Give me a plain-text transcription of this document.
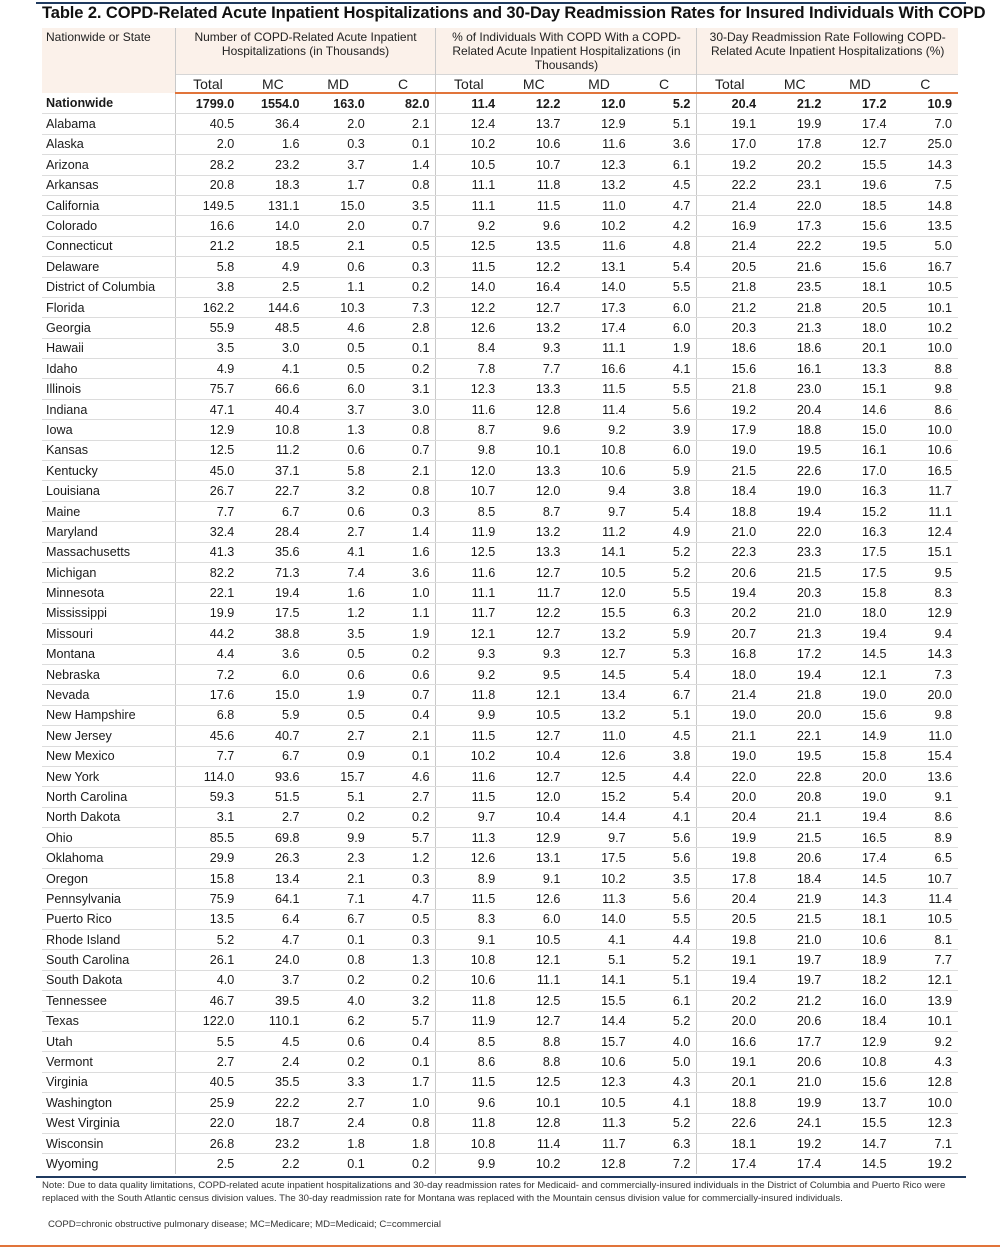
Table 2. COPD-Related Acute Inpatient Hospitalizations and 30-Day Readmission Rates for Insured Individuals With COPD
Nationwide or State	Number of COPD-Related Acute Inpatient Hospitalizations (in Thousands)				% of Individuals With COPD With a COPD-Related Acute Inpatient Hospitalizations (in Thousands)				30-Day Readmission Rate Following COPD-Related Acute Inpatient Hospitalizations (%)			
	Total	MC	MD	C	Total	MC	MD	C	Total	MC	MD	C
Nationwide	1799.0	1554.0	163.0	82.0	11.4	12.2	12.0	5.2	20.4	21.2	17.2	10.9
Alabama	40.5	36.4	2.0	2.1	12.4	13.7	12.9	5.1	19.1	19.9	17.4	7.0
Alaska	2.0	1.6	0.3	0.1	10.2	10.6	11.6	3.6	17.0	17.8	12.7	25.0
Arizona	28.2	23.2	3.7	1.4	10.5	10.7	12.3	6.1	19.2	20.2	15.5	14.3
Arkansas	20.8	18.3	1.7	0.8	11.1	11.8	13.2	4.5	22.2	23.1	19.6	7.5
California	149.5	131.1	15.0	3.5	11.1	11.5	11.0	4.7	21.4	22.0	18.5	14.8
Colorado	16.6	14.0	2.0	0.7	9.2	9.6	10.2	4.2	16.9	17.3	15.6	13.5
Connecticut	21.2	18.5	2.1	0.5	12.5	13.5	11.6	4.8	21.4	22.2	19.5	5.0
Delaware	5.8	4.9	0.6	0.3	11.5	12.2	13.1	5.4	20.5	21.6	15.6	16.7
District of Columbia	3.8	2.5	1.1	0.2	14.0	16.4	14.0	5.5	21.8	23.5	18.1	10.5
Florida	162.2	144.6	10.3	7.3	12.2	12.7	17.3	6.0	21.2	21.8	20.5	10.1
Georgia	55.9	48.5	4.6	2.8	12.6	13.2	17.4	6.0	20.3	21.3	18.0	10.2
Hawaii	3.5	3.0	0.5	0.1	8.4	9.3	11.1	1.9	18.6	18.6	20.1	10.0
Idaho	4.9	4.1	0.5	0.2	7.8	7.7	16.6	4.1	15.6	16.1	13.3	8.8
Illinois	75.7	66.6	6.0	3.1	12.3	13.3	11.5	5.5	21.8	23.0	15.1	9.8
Indiana	47.1	40.4	3.7	3.0	11.6	12.8	11.4	5.6	19.2	20.4	14.6	8.6
Iowa	12.9	10.8	1.3	0.8	8.7	9.6	9.2	3.9	17.9	18.8	15.0	10.0
Kansas	12.5	11.2	0.6	0.7	9.8	10.1	10.8	6.0	19.0	19.5	16.1	10.6
Kentucky	45.0	37.1	5.8	2.1	12.0	13.3	10.6	5.9	21.5	22.6	17.0	16.5
Louisiana	26.7	22.7	3.2	0.8	10.7	12.0	9.4	3.8	18.4	19.0	16.3	11.7
Maine	7.7	6.7	0.6	0.3	8.5	8.7	9.7	5.4	18.8	19.4	15.2	11.1
Maryland	32.4	28.4	2.7	1.4	11.9	13.2	11.2	4.9	21.0	22.0	16.3	12.4
Massachusetts	41.3	35.6	4.1	1.6	12.5	13.3	14.1	5.2	22.3	23.3	17.5	15.1
Michigan	82.2	71.3	7.4	3.6	11.6	12.7	10.5	5.2	20.6	21.5	17.5	9.5
Minnesota	22.1	19.4	1.6	1.0	11.1	11.7	12.0	5.5	19.4	20.3	15.8	8.3
Mississippi	19.9	17.5	1.2	1.1	11.7	12.2	15.5	6.3	20.2	21.0	18.0	12.9
Missouri	44.2	38.8	3.5	1.9	12.1	12.7	13.2	5.9	20.7	21.3	19.4	9.4
Montana	4.4	3.6	0.5	0.2	9.3	9.3	12.7	5.3	16.8	17.2	14.5	14.3
Nebraska	7.2	6.0	0.6	0.6	9.2	9.5	14.5	5.4	18.0	19.4	12.1	7.3
Nevada	17.6	15.0	1.9	0.7	11.8	12.1	13.4	6.7	21.4	21.8	19.0	20.0
New Hampshire	6.8	5.9	0.5	0.4	9.9	10.5	13.2	5.1	19.0	20.0	15.6	9.8
New Jersey	45.6	40.7	2.7	2.1	11.5	12.7	11.0	4.5	21.1	22.1	14.9	11.0
New Mexico	7.7	6.7	0.9	0.1	10.2	10.4	12.6	3.8	19.0	19.5	15.8	15.4
New York	114.0	93.6	15.7	4.6	11.6	12.7	12.5	4.4	22.0	22.8	20.0	13.6
North Carolina	59.3	51.5	5.1	2.7	11.5	12.0	15.2	5.4	20.0	20.8	19.0	9.1
North Dakota	3.1	2.7	0.2	0.2	9.7	10.4	14.4	4.1	20.4	21.1	19.4	8.6
Ohio	85.5	69.8	9.9	5.7	11.3	12.9	9.7	5.6	19.9	21.5	16.5	8.9
Oklahoma	29.9	26.3	2.3	1.2	12.6	13.1	17.5	5.6	19.8	20.6	17.4	6.5
Oregon	15.8	13.4	2.1	0.3	8.9	9.1	10.2	3.5	17.8	18.4	14.5	10.7
Pennsylvania	75.9	64.1	7.1	4.7	11.5	12.6	11.3	5.6	20.4	21.9	14.3	11.4
Puerto Rico	13.5	6.4	6.7	0.5	8.3	6.0	14.0	5.5	20.5	21.5	18.1	10.5
Rhode Island	5.2	4.7	0.1	0.3	9.1	10.5	4.1	4.4	19.8	21.0	10.6	8.1
South Carolina	26.1	24.0	0.8	1.3	10.8	12.1	5.1	5.2	19.1	19.7	18.9	7.7
South Dakota	4.0	3.7	0.2	0.2	10.6	11.1	14.1	5.1	19.4	19.7	18.2	12.1
Tennessee	46.7	39.5	4.0	3.2	11.8	12.5	15.5	6.1	20.2	21.2	16.0	13.9
Texas	122.0	110.1	6.2	5.7	11.9	12.7	14.4	5.2	20.0	20.6	18.4	10.1
Utah	5.5	4.5	0.6	0.4	8.5	8.8	15.7	4.0	16.6	17.7	12.9	9.2
Vermont	2.7	2.4	0.2	0.1	8.6	8.8	10.6	5.0	19.1	20.6	10.8	4.3
Virginia	40.5	35.5	3.3	1.7	11.5	12.5	12.3	4.3	20.1	21.0	15.6	12.8
Washington	25.9	22.2	2.7	1.0	9.6	10.1	10.5	4.1	18.8	19.9	13.7	10.0
West Virginia	22.0	18.7	2.4	0.8	11.8	12.8	11.3	5.2	22.6	24.1	15.5	12.3
Wisconsin	26.8	23.2	1.8	1.8	10.8	11.4	11.7	6.3	18.1	19.2	14.7	7.1
Wyoming	2.5	2.2	0.1	0.2	9.9	10.2	12.8	7.2	17.4	17.4	14.5	19.2
Note: Due to data quality limitations, COPD-related acute inpatient hospitalizations and 30-day readmission rates for Medicaid- and commercially-insured individuals in the District of Columbia and Puerto Rico were replaced with the South Atlantic census division values. The 30-day readmission rate for Montana was replaced with the Mountain census division value for commercially-insured individuals.
COPD=chronic obstructive pulmonary disease; MC=Medicare; MD=Medicaid; C=commercial
